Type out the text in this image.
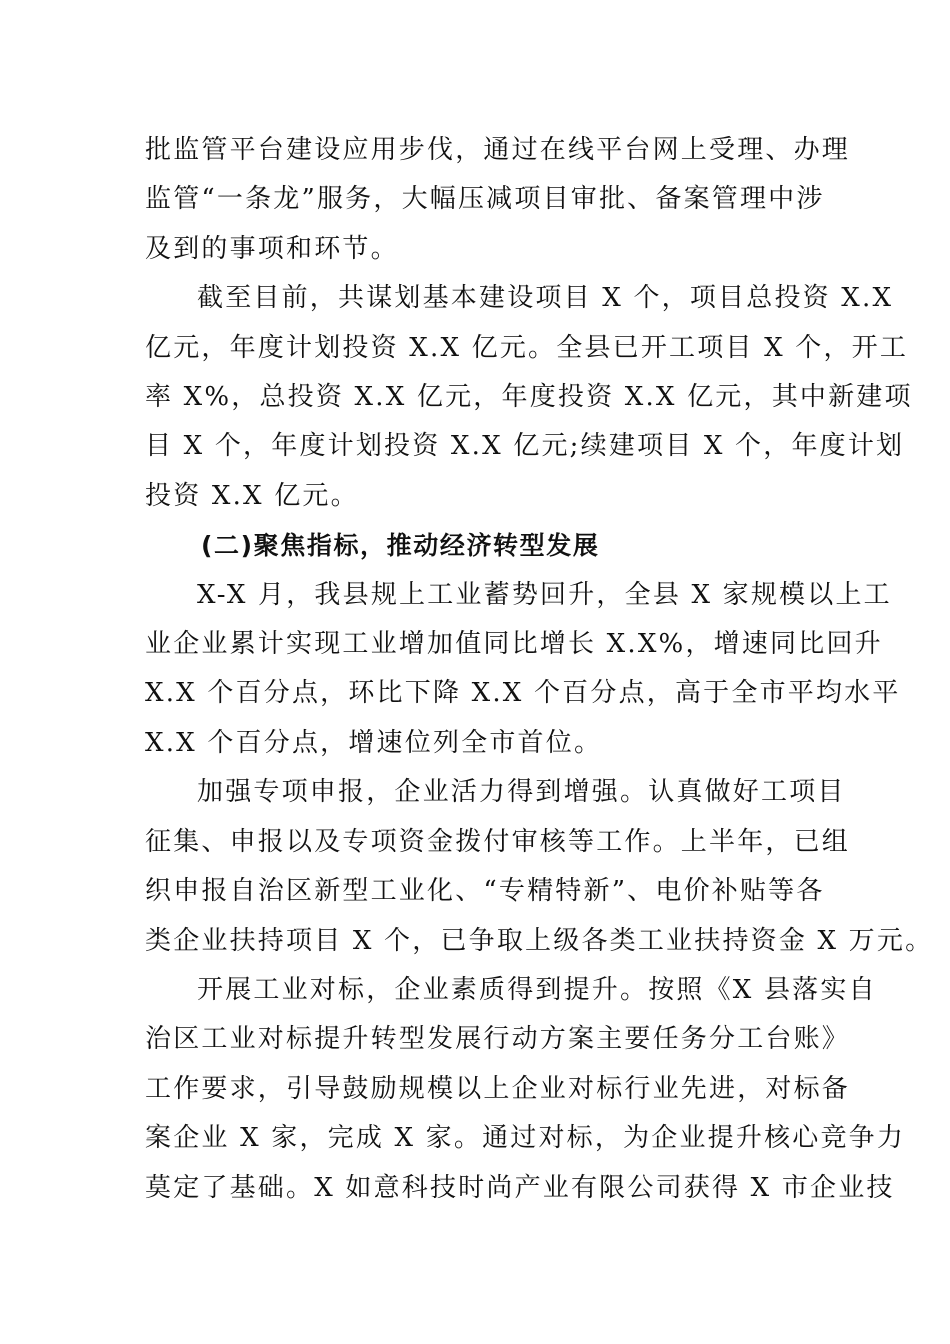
批监管平台建设应用步伐，通过在线平台网上受理、办理
监管“一条龙”服务，大幅压减项目审批、备案管理中涉
及到的事项和环节。

截至目前，共谋划基本建设项目 X 个，项目总投资 X.X
亿元，年度计划投资 X.X 亿元。全县已开工项目 X 个，开工
率 X%，总投资 X.X 亿元，年度投资 X.X 亿元，其中新建项
目 X 个，年度计划投资 X.X 亿元;续建项目 X 个，年度计划
投资 X.X 亿元。

(二)聚焦指标，推动经济转型发展

X-X 月，我县规上工业蓄势回升，全县 X 家规模以上工
业企业累计实现工业增加值同比增长 X.X%，增速同比回升
X.X 个百分点，环比下降 X.X 个百分点，高于全市平均水平
X.X 个百分点，增速位列全市首位。

加强专项申报，企业活力得到增强。认真做好工项目
征集、申报以及专项资金拨付审核等工作。上半年，已组
织申报自治区新型工业化、“专精特新”、电价补贴等各
类企业扶持项目 X 个，已争取上级各类工业扶持资金 X 万元。

开展工业对标，企业素质得到提升。按照《X 县落实自
治区工业对标提升转型发展行动方案主要任务分工台账》
工作要求，引导鼓励规模以上企业对标行业先进，对标备
案企业 X 家，完成 X 家。通过对标，为企业提升核心竞争力
莫定了基础。X 如意科技时尚产业有限公司获得 X 市企业技
